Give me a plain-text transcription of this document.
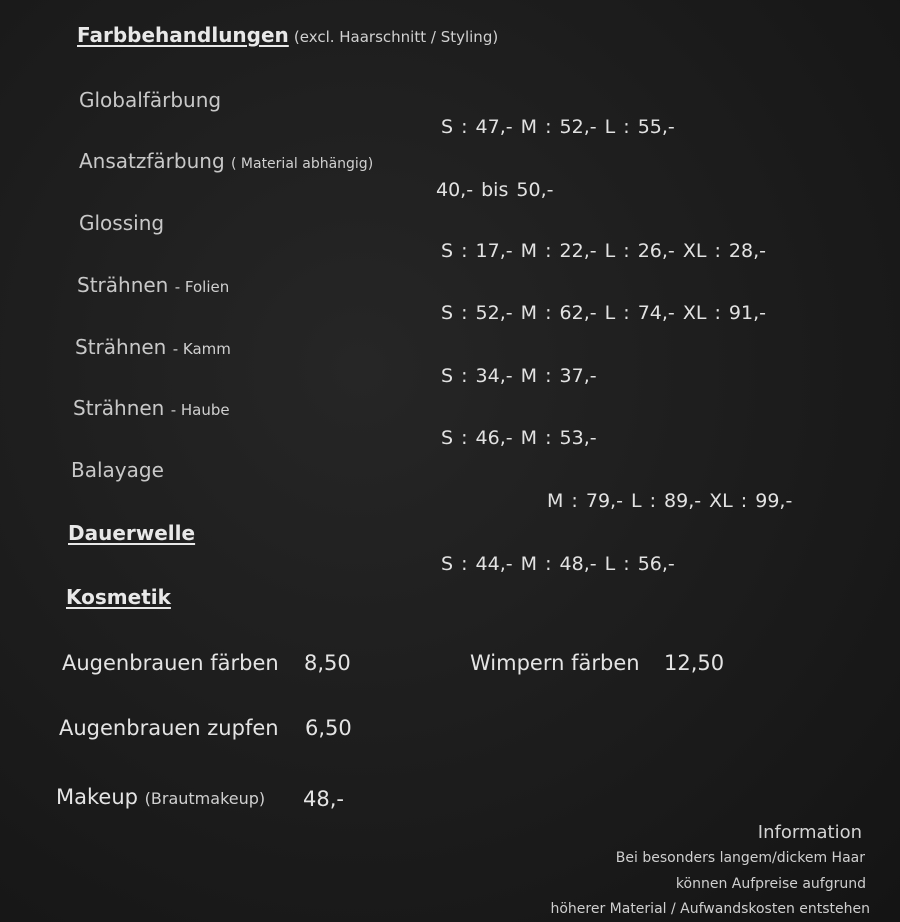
Farbbehandlungen (excl. Haarschnitt / Styling)
Globalfärbung
S : 47,- M : 52,- L : 55,-
Ansatzfärbung ( Material abhängig)
40,- bis 50,-
Glossing
S : 17,- M : 22,- L : 26,- XL : 28,-
Strähnen - Folien
S : 52,- M : 62,- L : 74,- XL : 91,-
Strähnen - Kamm
S : 34,- M : 37,-
Strähnen - Haube
S : 46,- M : 53,-
Balayage
M : 79,- L : 89,- XL : 99,-
Dauerwelle
S : 44,- M : 48,- L : 56,-
Kosmetik
Augenbrauen färben 8,50	Wimpern färben 12,50
Augenbrauen zupfen 6,50
Makeup (Brautmakeup) 48,-
Information
Bei besonders langem/dickem Haar
können Aufpreise aufgrund
höherer Material / Aufwandskosten entstehen
